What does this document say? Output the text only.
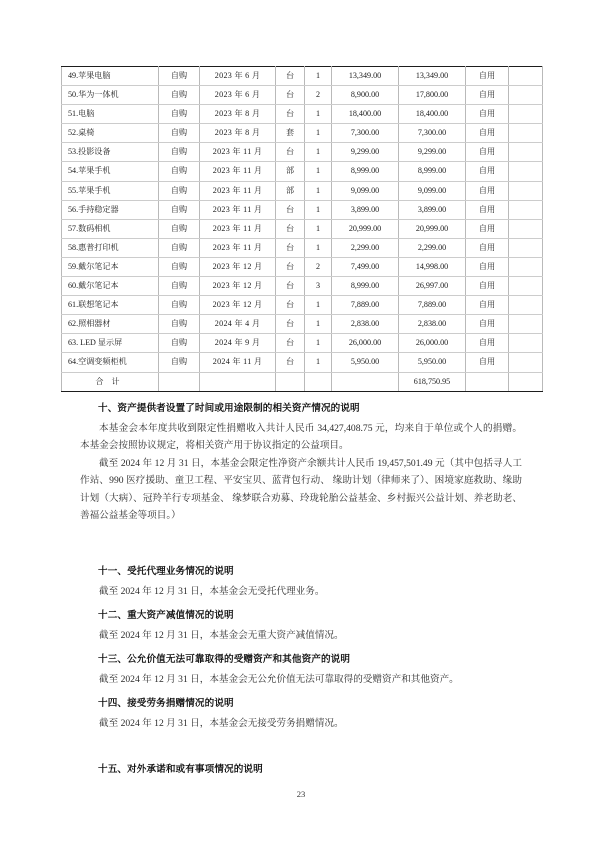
49.苹果电脑	自购	2023 年 6 月	台	1	13,349.00	13,349.00	自用	
50.华为一体机	自购	2023 年 6 月	台	2	8,900.00	17,800.00	自用	
51.电脑	自购	2023 年 8 月	台	1	18,400.00	18,400.00	自用	
52.桌椅	自购	2023 年 8 月	套	1	7,300.00	7,300.00	自用	
53.投影设备	自购	2023 年 11 月	台	1	9,299.00	9,299.00	自用	
54.苹果手机	自购	2023 年 11 月	部	1	8,999.00	8,999.00	自用	
55.苹果手机	自购	2023 年 11 月	部	1	9,099.00	9,099.00	自用	
56.手持稳定器	自购	2023 年 11 月	台	1	3,899.00	3,899.00	自用	
57.数码相机	自购	2023 年 11 月	台	1	20,999.00	20,999.00	自用	
58.惠普打印机	自购	2023 年 11 月	台	1	2,299.00	2,299.00	自用	
59.戴尔笔记本	自购	2023 年 12 月	台	2	7,499.00	14,998.00	自用	
60.戴尔笔记本	自购	2023 年 12 月	台	3	8,999.00	26,997.00	自用	
61.联想笔记本	自购	2023 年 12 月	台	1	7,889.00	7,889.00	自用	
62.照相器材	自购	2024 年 4 月	台	1	2,838.00	2,838.00	自用	
63. LED 显示屏	自购	2024 年 9 月	台	1	26,000.00	26,000.00	自用	
64.空调变频柜机	自购	2024 年 11 月	台	1	5,950.00	5,950.00	自用	
合 计						618,750.95		
十、资产提供者设置了时间或用途限制的相关资产情况的说明
本基金会本年度共收到限定性捐赠收入共计人民币 34,427,408.75 元，均来自于单位或个人的捐赠。本基金会按照协议规定，将相关资产用于协议指定的公益项目。
截至 2024 年 12 月 31 日，本基金会限定性净资产余额共计人民币 19,457,501.49 元（其中包括寻人工作站、990 医疗援助、童卫工程、平安宝贝、蓝背包行动、 缘助计划（律师来了）、困境家庭救助、缘助计划（大病）、冠羚羊行专项基金、 缘梦联合劝募、玲珑轮胎公益基金、乡村振兴公益计划、养老助老、善福公益基金等项目。）
十一、受托代理业务情况的说明
截至 2024 年 12 月 31 日，本基金会无受托代理业务。
十二、重大资产减值情况的说明
截至 2024 年 12 月 31 日，本基金会无重大资产减值情况。
十三、公允价值无法可靠取得的受赠资产和其他资产的说明
截至 2024 年 12 月 31 日，本基金会无公允价值无法可靠取得的受赠资产和其他资产。
十四、接受劳务捐赠情况的说明
截至 2024 年 12 月 31 日，本基金会无接受劳务捐赠情况。
十五、对外承诺和或有事项情况的说明
23
